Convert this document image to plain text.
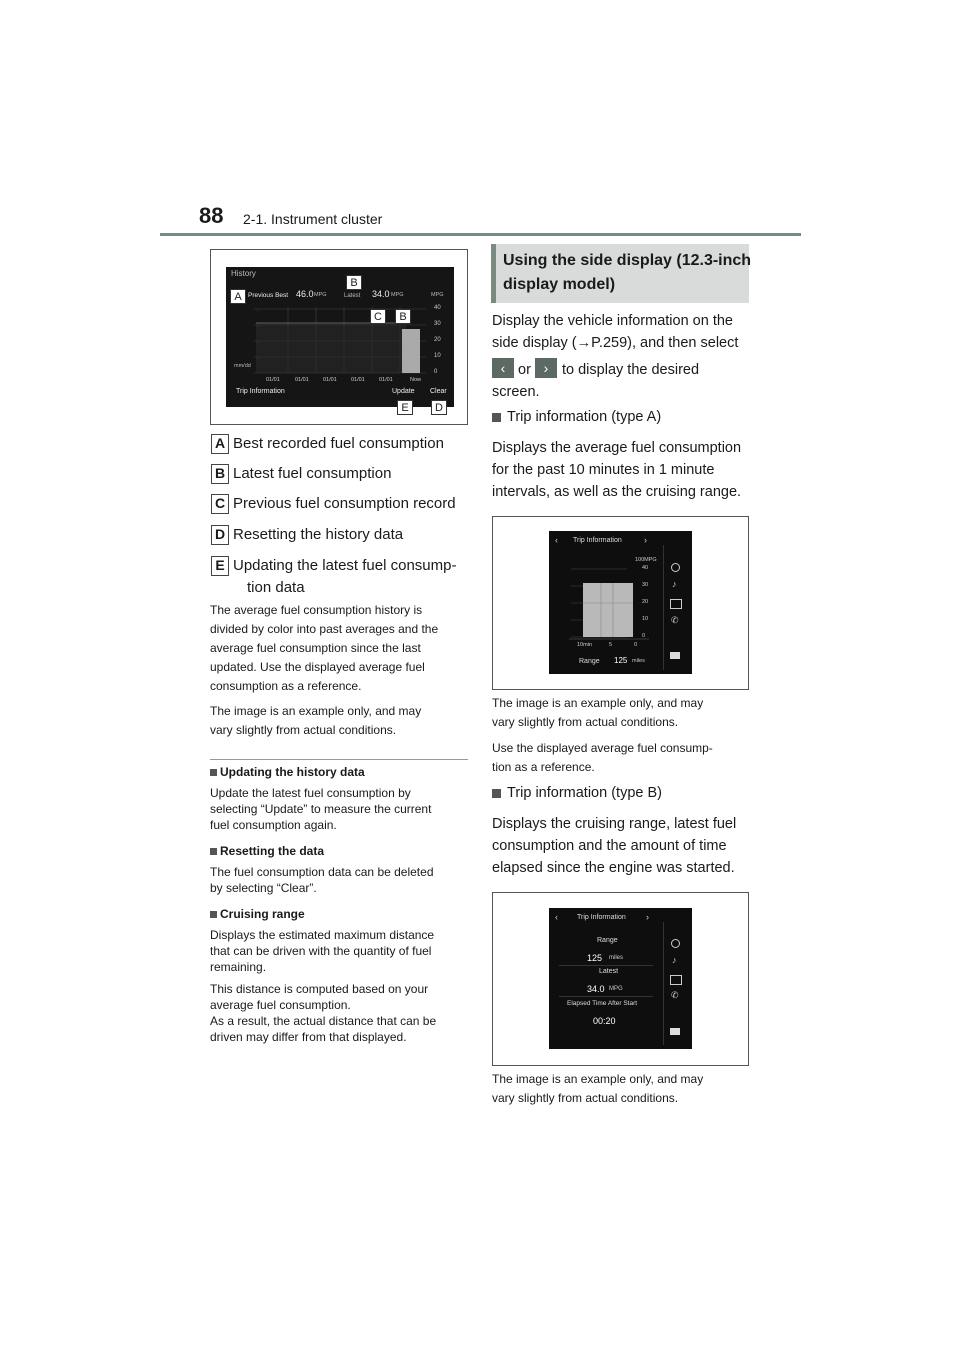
88 2-1. Instrument cluster
History
Previous Best 46.0 MPG	Latest 34.0 MPG	MPG
-
-
-
-
40
30
20
10
0
mm/dd
01/01	01/01	01/01	01/01	01/01	Now
Trip Information	Update Clear
A
B
C	B
E	D
A Best recorded fuel consumption
B Latest fuel consumption
C Previous fuel consumption record
D Resetting the history data
E Updating the latest fuel consump-
tion data
The average fuel consumption history is
divided by color into past averages and the
average fuel consumption since the last
updated. Use the displayed average fuel
consumption as a reference.
The image is an example only, and may
vary slightly from actual conditions.
Updating the history data
Update the latest fuel consumption by
selecting “Update” to measure the current
fuel consumption again.
Resetting the data
The fuel consumption data can be deleted
by selecting “Clear”.
Cruising range
Displays the estimated maximum distance
that can be driven with the quantity of fuel
remaining.
This distance is computed based on your
average fuel consumption.
As a result, the actual distance that can be
driven may differ from that displayed.
Using the side display (12.3-inch
display model)
Display the vehicle information on the
side display (→P.259), and then select
‹ or › to display the desired
screen.
Trip information (type A)
Displays the average fuel consumption
for the past 10 minutes in 1 minute
intervals, as well as the cruising range.
‹ Trip Information ›
100MPG
40
30
20
10
0
10min	5	0
Range 125 miles
♪
✆
The image is an example only, and may
vary slightly from actual conditions.
Use the displayed average fuel consump-
tion as a reference.
Trip information (type B)
Displays the cruising range, latest fuel
consumption and the amount of time
elapsed since the engine was started.
‹	Trip Information ›
Range
125 miles
Latest
34.0 MPG
Elapsed Time After Start
00:20
♪
✆
The image is an example only, and may
vary slightly from actual conditions.
